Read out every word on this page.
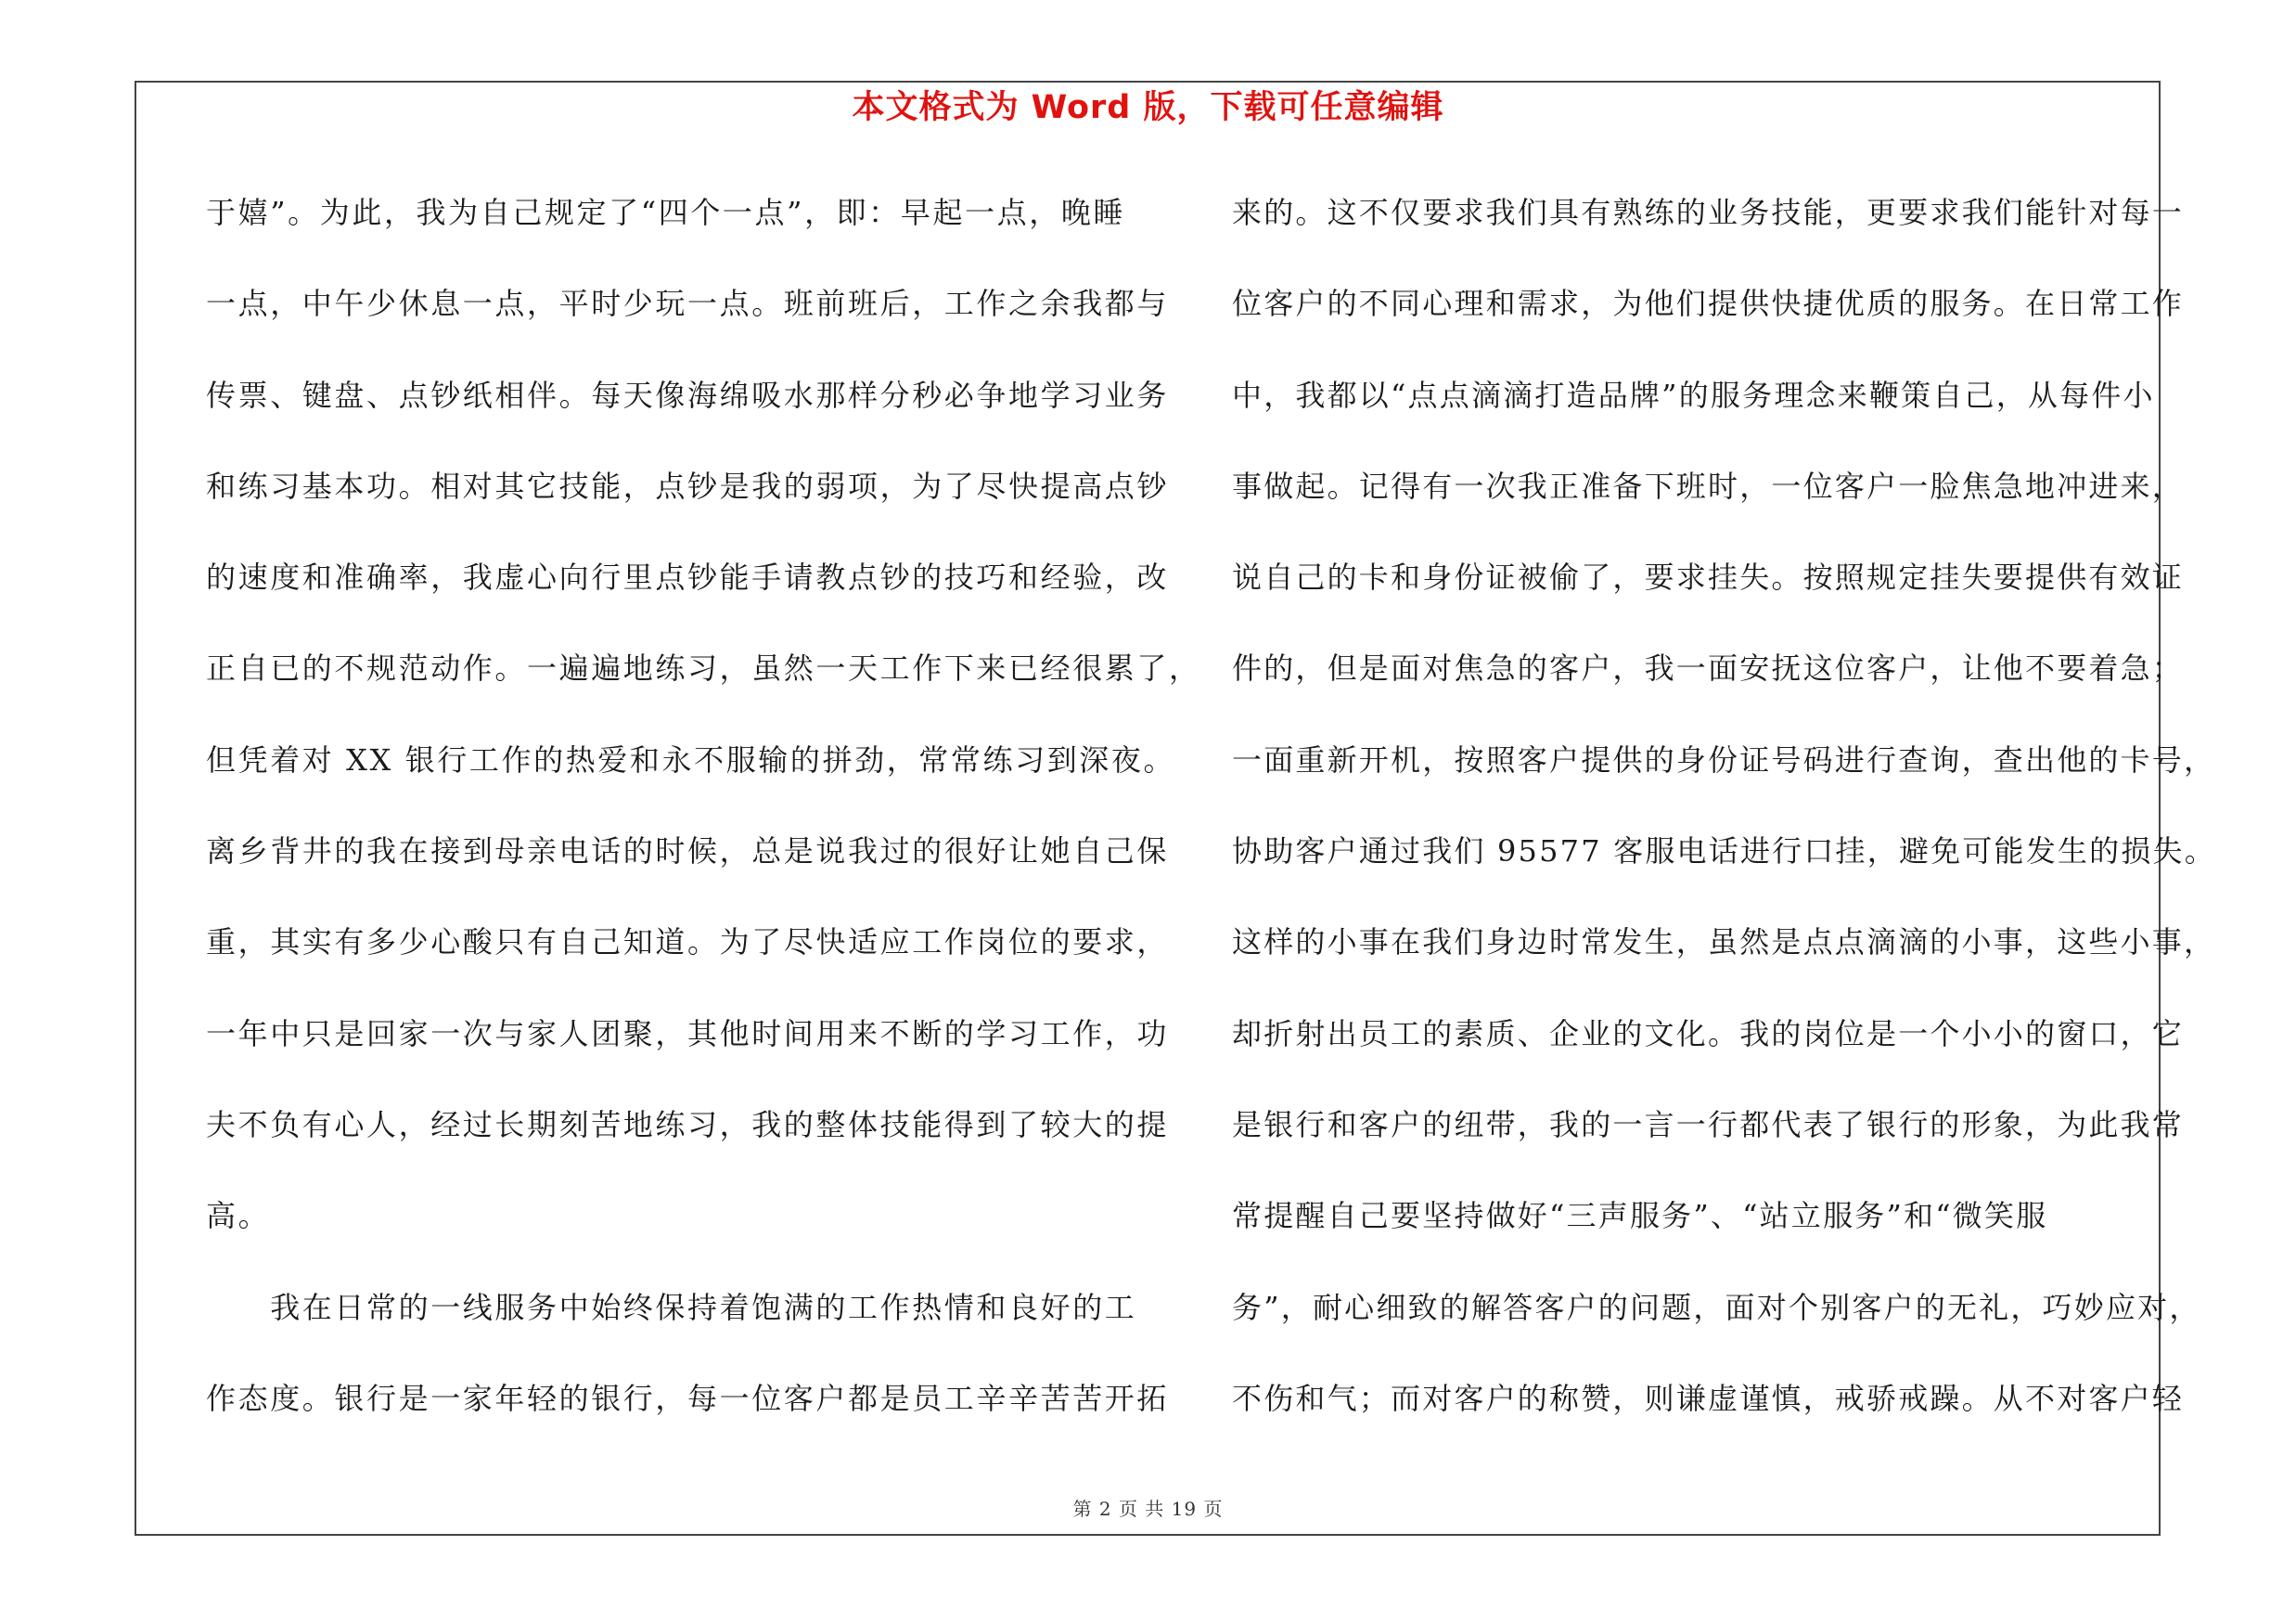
本文格式为 Word 版，下载可任意编辑
于嬉”。为此，我为自己规定了“四个一点”，即：早起一点，晚睡
一点，中午少休息一点，平时少玩一点。班前班后，工作之余我都与
传票、键盘、点钞纸相伴。每天像海绵吸水那样分秒必争地学习业务
和练习基本功。相对其它技能，点钞是我的弱项，为了尽快提高点钞
的速度和准确率，我虚心向行里点钞能手请教点钞的技巧和经验，改
正自已的不规范动作。一遍遍地练习，虽然一天工作下来已经很累了，
但凭着对 XX 银行工作的热爱和永不服输的拼劲，常常练习到深夜。
离乡背井的我在接到母亲电话的时候，总是说我过的很好让她自己保
重，其实有多少心酸只有自己知道。为了尽快适应工作岗位的要求，
一年中只是回家一次与家人团聚，其他时间用来不断的学习工作，功
夫不负有心人，经过长期刻苦地练习，我的整体技能得到了较大的提
高。
　　我在日常的一线服务中始终保持着饱满的工作热情和良好的工
作态度。银行是一家年轻的银行，每一位客户都是员工辛辛苦苦开拓
来的。这不仅要求我们具有熟练的业务技能，更要求我们能针对每一
位客户的不同心理和需求，为他们提供快捷优质的服务。在日常工作
中，我都以“点点滴滴打造品牌”的服务理念来鞭策自己，从每件小
事做起。记得有一次我正准备下班时，一位客户一脸焦急地冲进来，
说自己的卡和身份证被偷了，要求挂失。按照规定挂失要提供有效证
件的，但是面对焦急的客户，我一面安抚这位客户，让他不要着急；
一面重新开机，按照客户提供的身份证号码进行查询，查出他的卡号，
协助客户通过我们 95577 客服电话进行口挂，避免可能发生的损失。
这样的小事在我们身边时常发生，虽然是点点滴滴的小事，这些小事，
却折射出员工的素质、企业的文化。我的岗位是一个小小的窗口，它
是银行和客户的纽带，我的一言一行都代表了银行的形象，为此我常
常提醒自己要坚持做好“三声服务”、“站立服务”和“微笑服
务”，耐心细致的解答客户的问题，面对个别客户的无礼，巧妙应对，
不伤和气；而对客户的称赞，则谦虚谨慎，戒骄戒躁。从不对客户轻
第 2 页 共 19 页
